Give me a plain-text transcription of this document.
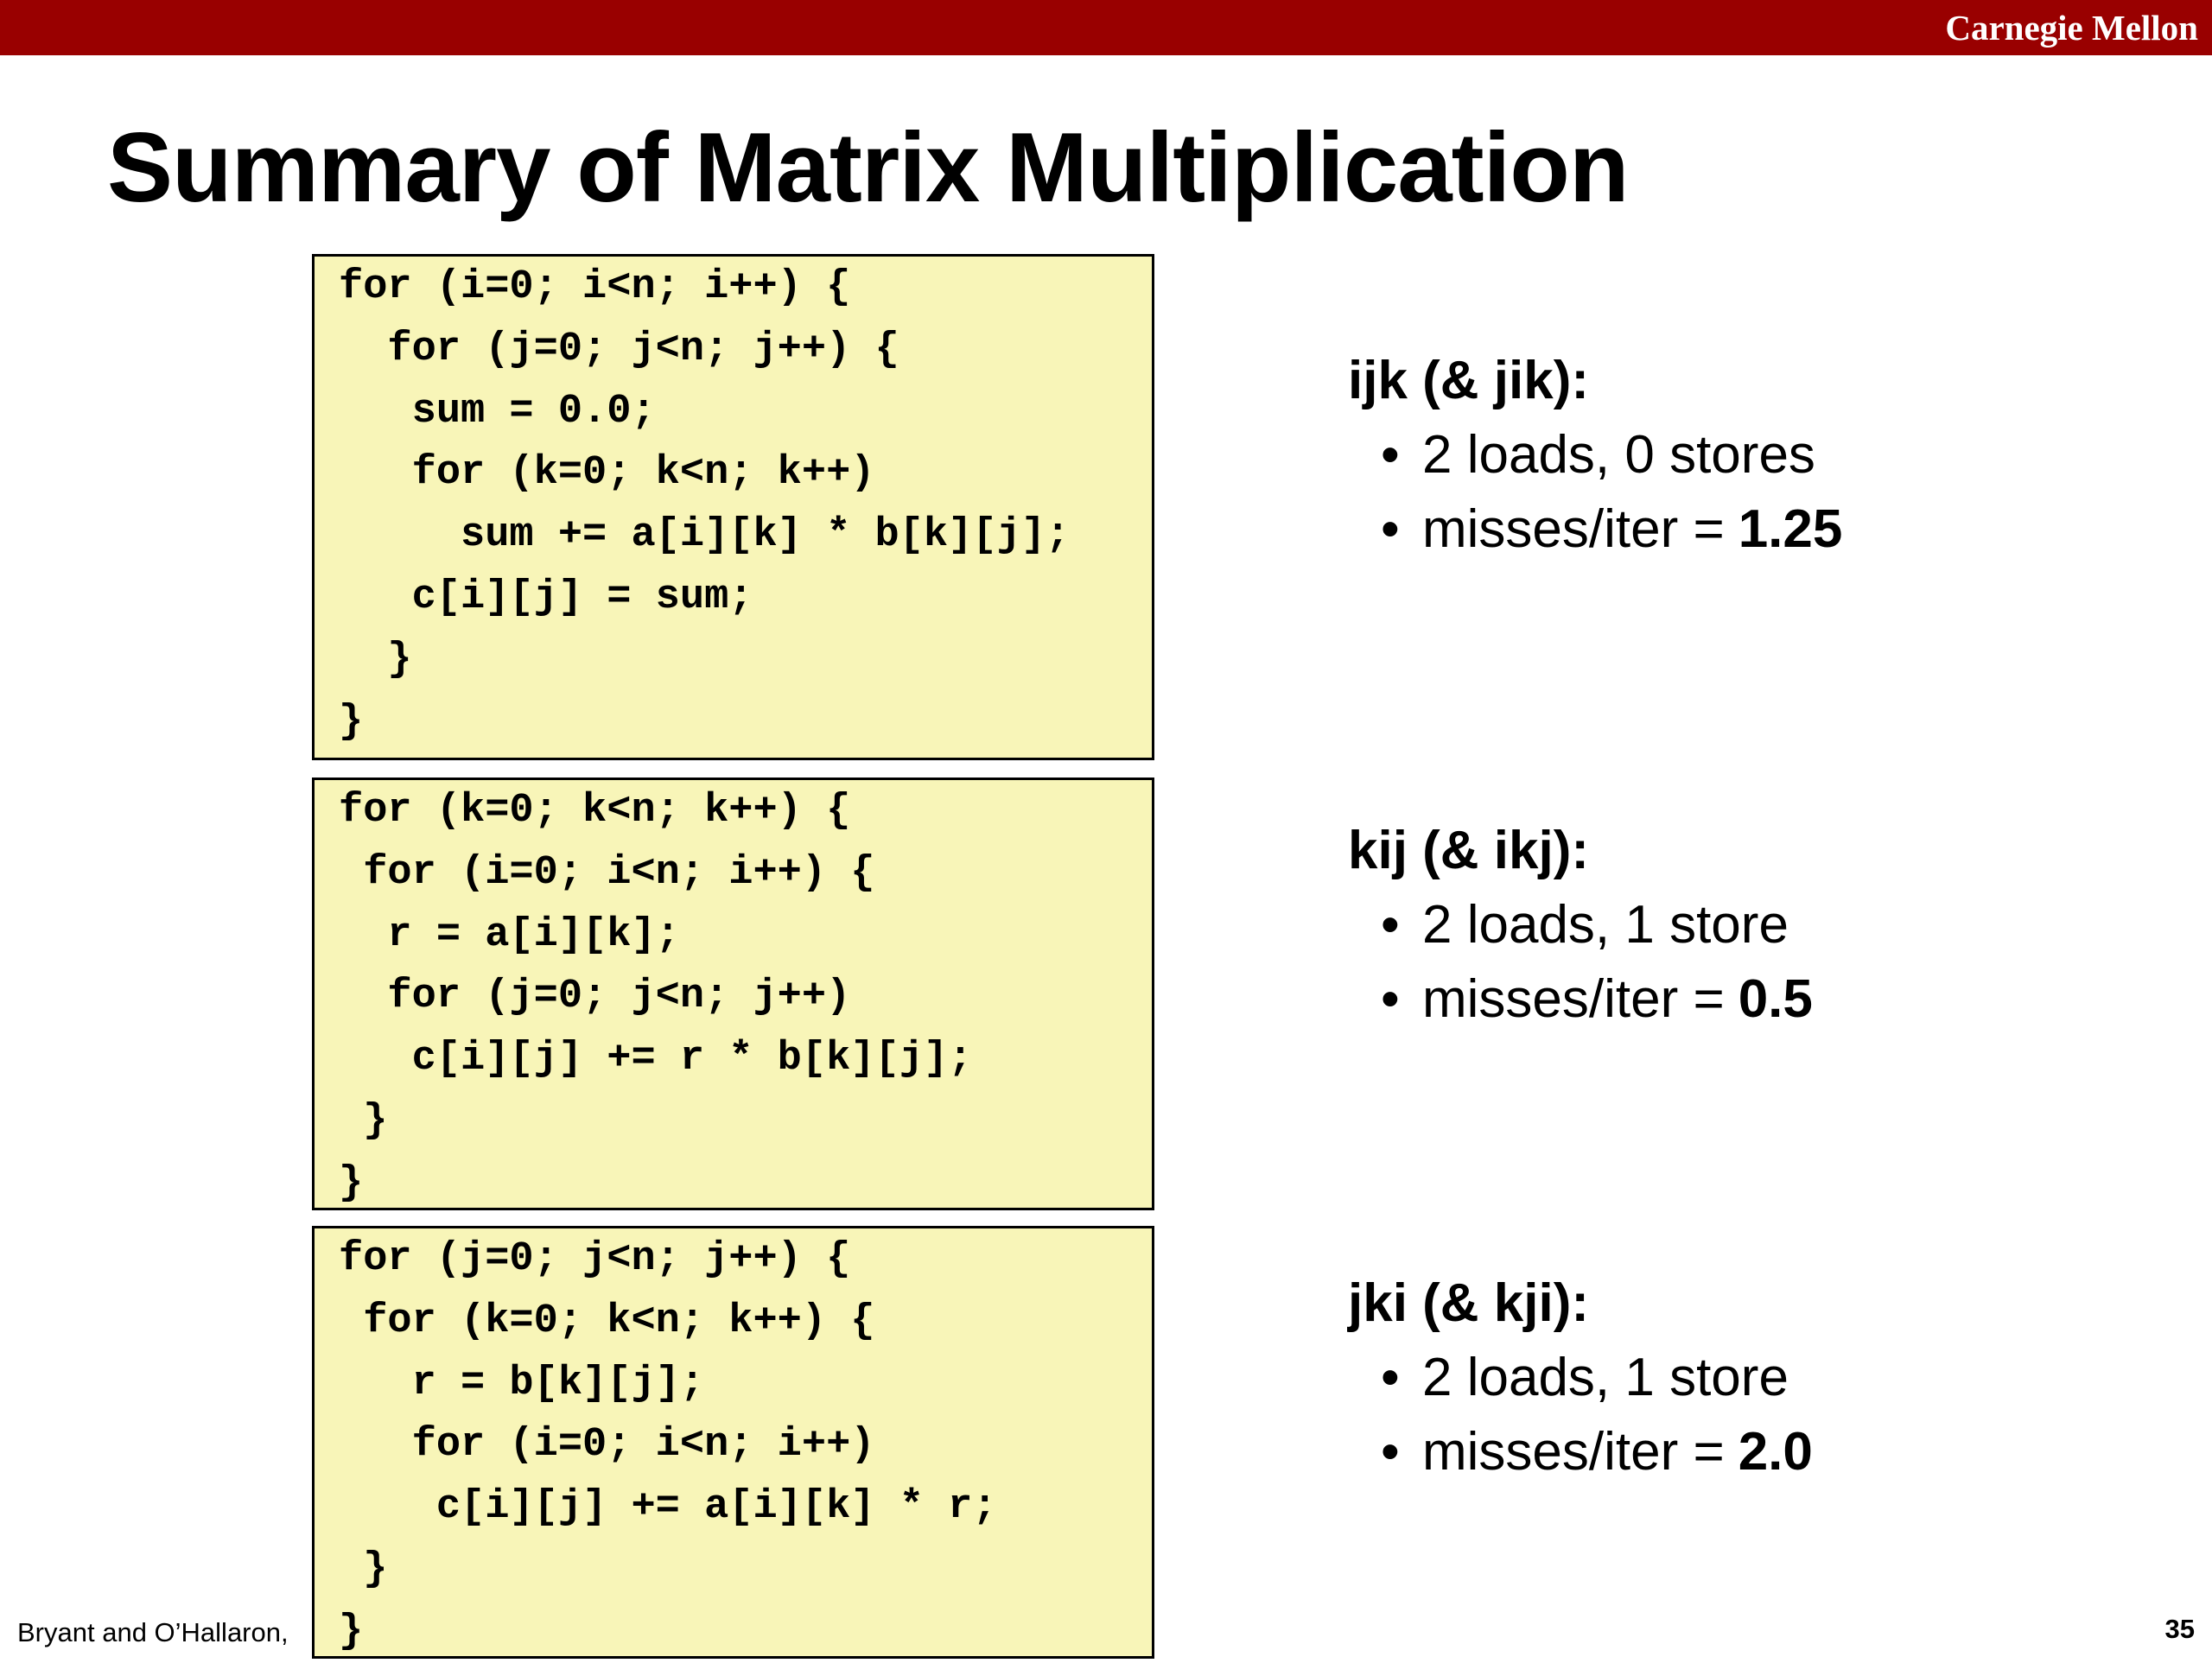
Carnegie Mellon
Summary of Matrix Multiplication
for (i=0; i<n; i++) {
for (j=0; j<n; j++) {
sum = 0.0;
for (k=0; k<n; k++)
sum += a[i][k] * b[k][j];
c[i][j] = sum;
}
}
for (k=0; k<n; k++) {
for (i=0; i<n; i++) {
r = a[i][k];
for (j=0; j<n; j++)
c[i][j] += r * b[k][j];
}
}
for (j=0; j<n; j++) {
for (k=0; k<n; k++) {
r = b[k][j];
for (i=0; i<n; i++)
c[i][j] += a[i][k] * r;
}
}
ijk (& jik):
• 2 loads, 0 stores
• misses/iter = 1.25
kij (& ikj):
• 2 loads, 1 store
• misses/iter = 0.5
jki (& kji):
• 2 loads, 1 store
• misses/iter = 2.0
Bryant and O’Hallaron,	35
